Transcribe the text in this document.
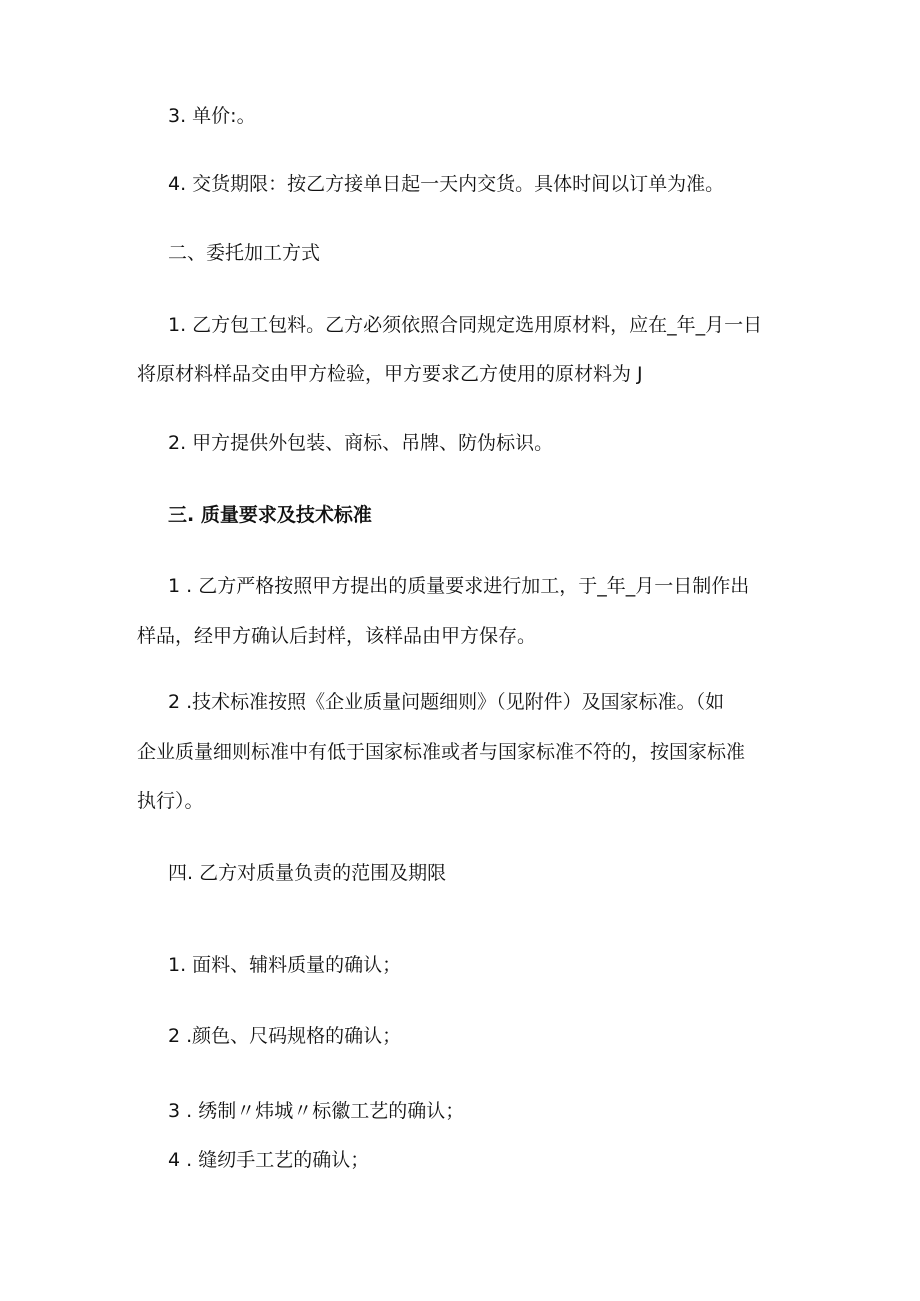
3. 单价:。
4. 交货期限：按乙方接单日起一天内交货。具体时间以订单为准。
二、委托加工方式
1. 乙方包工包料。乙方必须依照合同规定选用原材料，应在_年_月一日
将原材料样品交由甲方检验，甲方要求乙方使用的原材料为 J
2. 甲方提供外包装、商标、吊牌、防伪标识。
三. 质量要求及技术标准
1 . 乙方严格按照甲方提出的质量要求进行加工，于_年_月一日制作出
样品，经甲方确认后封样，该样品由甲方保存。
2 .技术标准按照《企业质量问题细则》（见附件）及国家标准。（如
企业质量细则标准中有低于国家标准或者与国家标准不符的，按国家标准
执行）。
四. 乙方对质量负责的范围及期限
1. 面料、辅料质量的确认；
2 .颜色、尺码规格的确认；
3 . 绣制〃炜城〃标徽工艺的确认；
4 . 缝纫手工艺的确认；
